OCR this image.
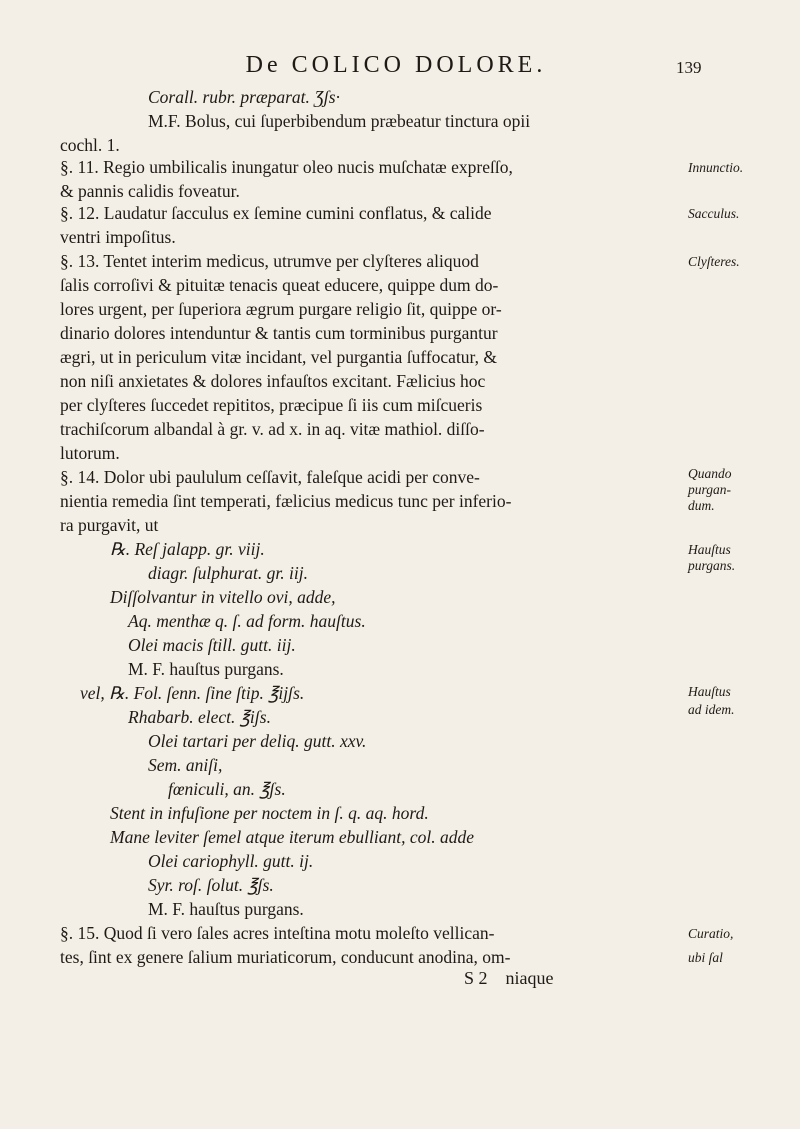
De COLICO DOLORE.	139
Corall. rubr. præparat. Ʒʃs·
M.F. Bolus, cui ſuperbibendum præbeatur tinctura opii
cochl. 1.
§. 11. Regio umbilicalis inungatur oleo nucis muſchatæ expreſſo,
& pannis calidis foveatur.
§. 12. Laudatur ſacculus ex ſemine cumini conflatus, & calide
ventri impoſitus.
§. 13. Tentet interim medicus, utrumve per clyſteres aliquod
ſalis corroſivi & pituitæ tenacis queat educere, quippe dum do-
lores urgent, per ſuperiora ægrum purgare religio ſit, quippe or-
dinario dolores intenduntur & tantis cum torminibus purgantur
ægri, ut in periculum vitæ incidant, vel purgantia ſuffocatur, &
non niſi anxietates & dolores infauſtos excitant. Fælicius hoc
per clyſteres ſuccedet repititos, præcipue ſi iis cum miſcueris
trachiſcorum albandal à gr. v. ad x. in aq. vitæ mathiol. diſſo-
lutorum.
§. 14. Dolor ubi paululum ceſſavit, faleſque acidi per conve-
nientia remedia ſint temperati, fælicius medicus tunc per inferio-
ra purgavit, ut
℞. Reſ jalapp. gr. viij.
diagr. ſulphurat. gr. iij.
Diſſolvantur in vitello ovi, adde,
Aq. menthæ q. ſ. ad form. hauſtus.
Olei macis ſtill. gutt. iij.
M. F. hauſtus purgans.
vel, ℞. Fol. ſenn. ſine ſtip. ℥ijʃs.
Rhabarb. elect. ℥iʃs.
Olei tartari per deliq. gutt. xxv.
Sem. aniſi,
fœniculi, an. ℥ʃs.
Stent in infuſione per noctem in ſ. q. aq. hord.
Mane leviter ſemel atque iterum ebulliant, col. adde
Olei cariophyll. gutt. ij.
Syr. roſ. ſolut. ℥ʃs.
M. F. hauſtus purgans.
§. 15. Quod ſi vero ſales acres inteſtina motu moleſto vellican-
tes, ſint ex genere ſalium muriaticorum, conducunt anodina, om-
S 2    niaque
Innunctio.
Sacculus.
Clyſteres.
Quando
purgan-
dum.
Hauſtus
purgans.
Hauſtus
ad idem.
Curatio,
ubi ſal
